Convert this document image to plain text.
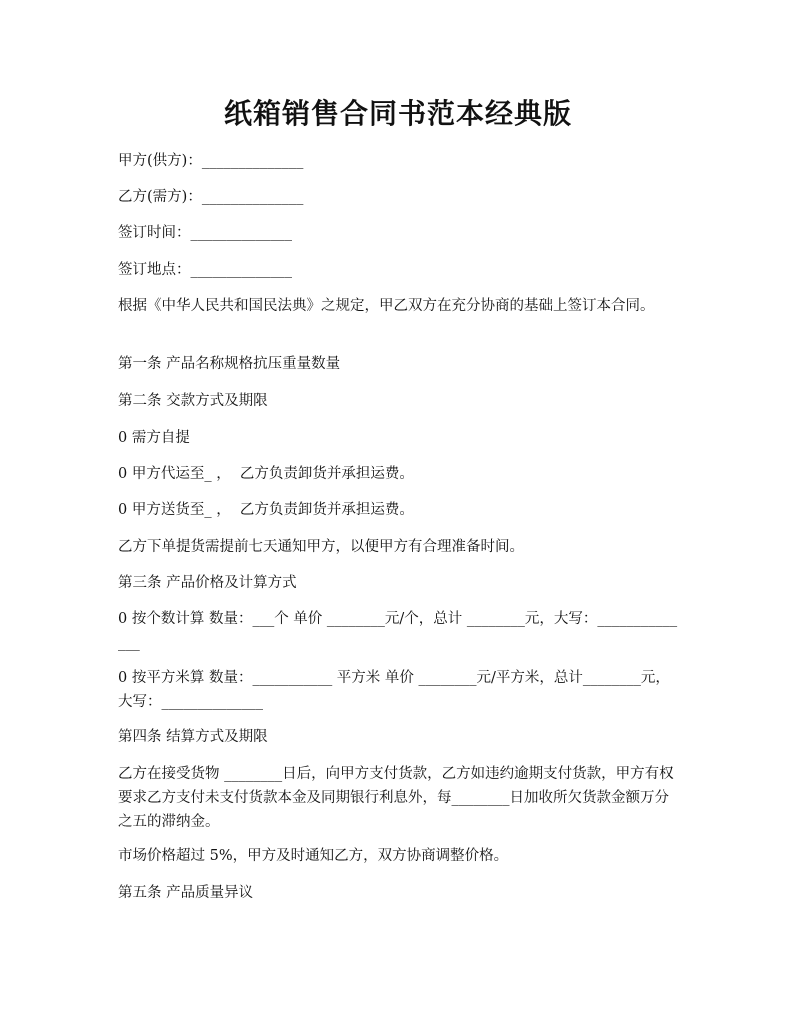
纸箱销售合同书范本经典版

甲方(供方)：______________

乙方(需方)：______________

签订时间：______________

签订地点：______________

根据《中华人民共和国民法典》之规定，甲乙双方在充分协商的基础上签订本合同。

第一条 产品名称规格抗压重量数量

第二条 交款方式及期限

0 需方自提

0 甲方代运至_ ，  乙方负责卸货并承担运费。

0 甲方送货至_ ，  乙方负责卸货并承担运费。

乙方下单提货需提前七天通知甲方，以便甲方有合理准备时间。

第三条 产品价格及计算方式

0 按个数计算 数量：___个 单价 ________元/个，总计 ________元，大写：______________

0 按平方米算 数量：___________ 平方米 单价 ________元/平方米，总计________元，大写：______________

第四条 结算方式及期限

乙方在接受货物 ________日后，向甲方支付货款，乙方如违约逾期支付货款，甲方有权要求乙方支付未支付货款本金及同期银行利息外，每________日加收所欠货款金额万分之五的滞纳金。

市场价格超过 5%，甲方及时通知乙方，双方协商调整价格。

第五条 产品质量异议
